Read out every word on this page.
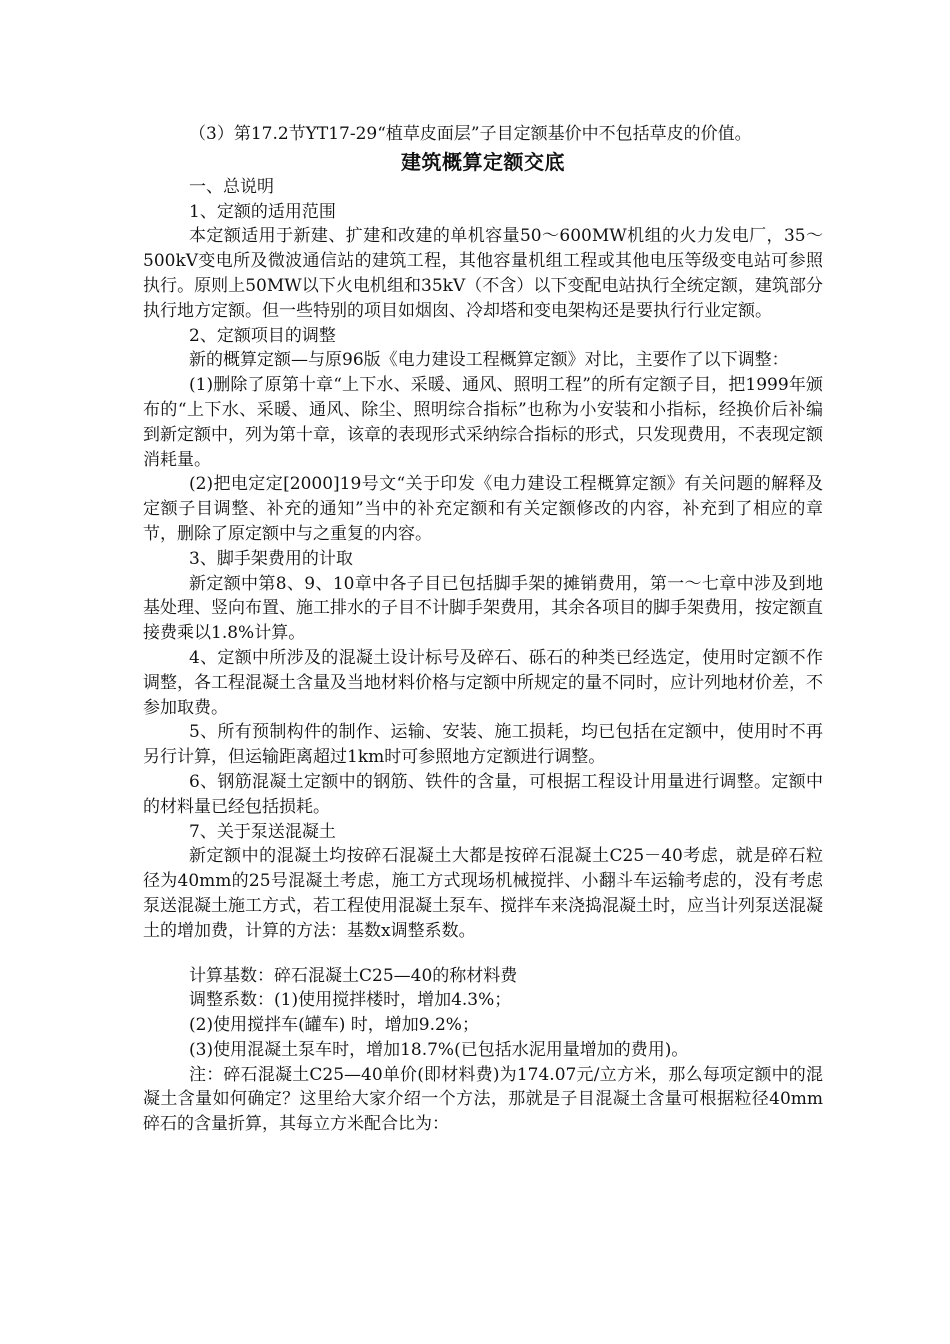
（3）第17.2节YT17-29“植草皮面层”子目定额基价中不包括草皮的价值。

建筑概算定额交底

一、总说明

1、定额的适用范围

本定额适用于新建、扩建和改建的单机容量50～600MW机组的火力发电厂，35～500kV变电所及微波通信站的建筑工程，其他容量机组工程或其他电压等级变电站可参照执行。原则上50MW以下火电机组和35kV（不含）以下变配电站执行全统定额，建筑部分执行地方定额。但一些特别的项目如烟囱、冷却塔和变电架构还是要执行行业定额。

2、定额项目的调整

新的概算定额—与原96版《电力建设工程概算定额》对比，主要作了以下调整：

(1)删除了原第十章“上下水、采暖、通风、照明工程”的所有定额子目，把1999年颁布的“上下水、采暖、通风、除尘、照明综合指标”也称为小安装和小指标，经换价后补编到新定额中，列为第十章，该章的表现形式采纳综合指标的形式，只发现费用，不表现定额消耗量。

(2)把电定定[2000]19号文“关于印发《电力建设工程概算定额》有关问题的解释及定额子目调整、补充的通知”当中的补充定额和有关定额修改的内容，补充到了相应的章节，删除了原定额中与之重复的内容。

3、脚手架费用的计取

新定额中第8、9、10章中各子目已包括脚手架的摊销费用，第一～七章中涉及到地基处理、竖向布置、施工排水的子目不计脚手架费用，其余各项目的脚手架费用，按定额直接费乘以1.8%计算。

4、定额中所涉及的混凝土设计标号及碎石、砾石的种类已经选定，使用时定额不作调整，各工程混凝土含量及当地材料价格与定额中所规定的量不同时，应计列地材价差，不参加取费。

5、所有预制构件的制作、运输、安装、施工损耗，均已包括在定额中，使用时不再另行计算，但运输距离超过1km时可参照地方定额进行调整。

6、钢筋混凝土定额中的钢筋、铁件的含量，可根据工程设计用量进行调整。定额中的材料量已经包括损耗。

7、关于泵送混凝土

新定额中的混凝土均按碎石混凝土大都是按碎石混凝土C25－40考虑，就是碎石粒径为40mm的25号混凝土考虑，施工方式现场机械搅拌、小翻斗车运输考虑的，没有考虑泵送混凝土施工方式，若工程使用混凝土泵车、搅拌车来浇捣混凝土时，应当计列泵送混凝土的增加费，计算的方法：基数x调整系数。

计算基数：碎石混凝土C25—40的称材料费

调整系数：(1)使用搅拌楼时，增加4.3%；

(2)使用搅拌车(罐车) 时，增加9.2%；

(3)使用混凝土泵车时，增加18.7%(已包括水泥用量增加的费用)。

注：碎石混凝土C25—40单价(即材料费)为174.07元/立方米，那么每项定额中的混凝土含量如何确定？这里给大家介绍一个方法，那就是子目混凝土含量可根据粒径40mm碎石的含量折算，其每立方米配合比为：
